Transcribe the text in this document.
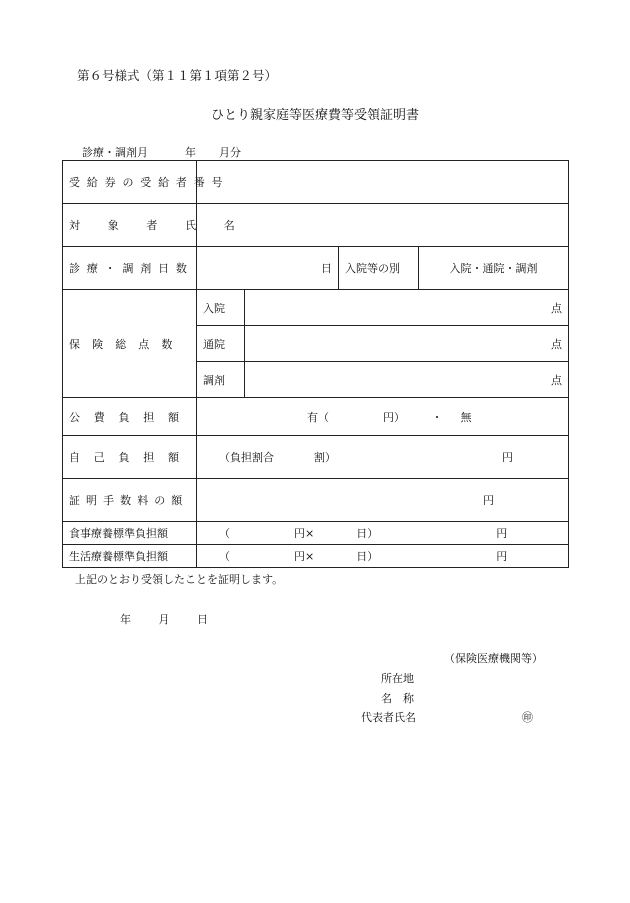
第６号様式（第１１第１項第２号）
ひとり親家庭等医療費等受領証明書
診療・調剤月	年 月分
受給券の受給者番号				
対 象 者 氏 名				
診療・調剤日数	日		入院等の別	入院・通院・調剤
保険総点数	入院	点		
	通院	点		
	調剤	点		
公費負担額	有（ 円） ・ 無			
自己負担額	（負担割合 割） 円			
証明手数料の額	円			
食事療養標準負担額	（ 円× 日） 円			
生活療養標準負担額	（ 円× 日） 円			
上記のとおり受領したことを証明します。
年	月	日
（保険医療機関等）
所在地
名　称
代表者氏名	㊞
